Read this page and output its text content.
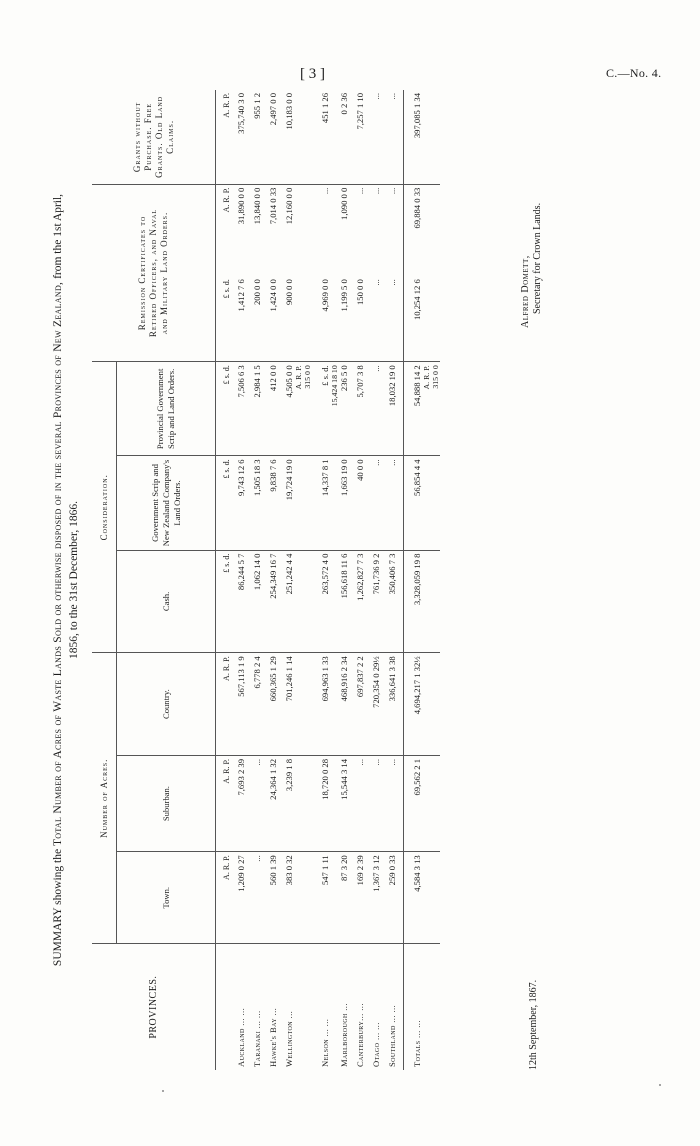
[ 3 ]	C.—No. 4.
SUMMARY showing the Total Number of Acres of Waste Lands Sold or otherwise disposed of in the several Provinces of New Zealand, from the 1st April,
1856, to the 31st December, 1866.
PROVINCES.	Number of Acres.			Consideration.			Remission Certificates to Retired Officers, and Naval and Military Land Orders.		Grants without Purchase. Free Grants. Old Land Claims.
	Town.	Suburban.	Country.	Cash.	Government Scrip and New Zealand Company's Land Orders.	Provincial Government Scrip and Land Orders.			
	A. R. P.	A. R. P.	A. R. P.	£ s. d.	£ s. d.	£ s. d.	£ s. d.	A. R. P.	A. R. P.
Auckland ... ...	1,209 0 27	7,693 2 39	567,113 1 9	86,244 5 7	9,743 12 6	7,506 6 3	1,412 7 6	31,890 0 0	375,740 3 0
Taranaki ... ...	...	...	6,778 2 4	1,062 14 0	1,505 18 3	2,984 1 5	200 0 0	13,840 0 0	955 1 2
Hawke's Bay ...	560 1 39	24,364 1 32	660,365 1 29	254,349 16 7	9,838 7 6	412 0 0	1,424 0 0	7,014 0 33	2,497 0 0
Wellington ...	383 0 32	3,239 1 8	701,246 1 14	251,242 4 4	19,724 19 0	4,505 0 0 A. R. P. 315 0 0	900 0 0	12,160 0 0	10,183 0 0

Nelson ... ...	547 1 11	18,720 0 28	694,963 1 33	263,572 4 0	14,337 8 1	£ s. d. 15,424 18 10	4,969 0 0	...	451 1 26
Marlborough ...	87 3 20	15,544 3 14	468,916 2 34	156,618 11 6	1,663 19 0	236 5 0	1,199 5 0	1,090 0 0	0 2 36
Canterbury... ...	169 2 39	...	697,837 2 2	1,262,827 7 3	40 0 0	5,707 3 8	150 0 0	...	7,257 1 10
Otago ... ...	1,367 3 12	...	720,354 0 29½	761,736 9 2	...	...	...	...	...
Southland ... ...	259 0 33	...	336,641 3 38	350,406 7 3	...	18,032 19 0	...	...	...
Totals ... ...	4,584 3 13	69,562 2 1	4,694,217 1 32½	3,328,059 19 8	56,854 4 4	54,888 14 2 A. R. P. 315 0 0	10,254 12 6	69,884 0 33	397,085 1 34
12th September, 1867.
Alfred Domett, Secretary for Crown Lands.
